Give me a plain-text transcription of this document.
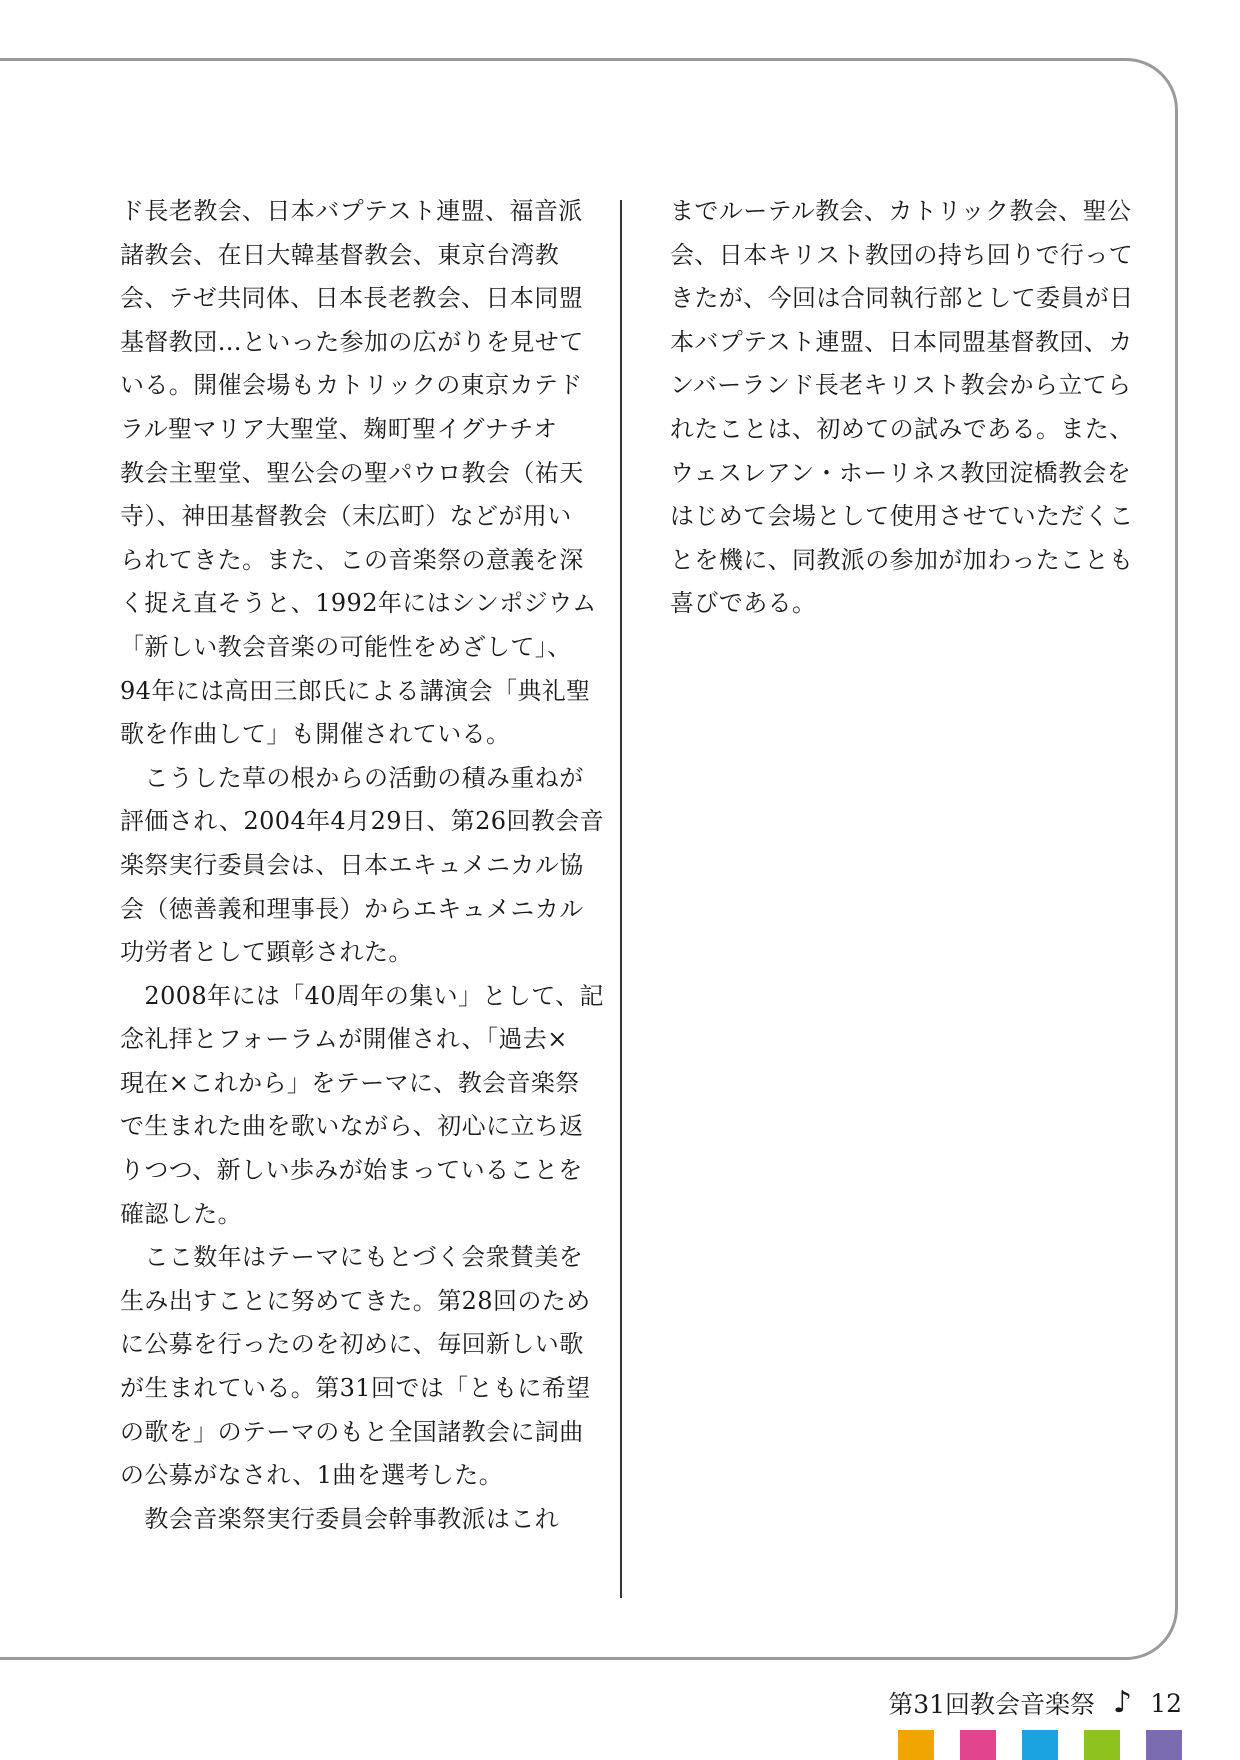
ド長老教会、日本バプテスト連盟、福音派
諸教会、在日大韓基督教会、東京台湾教
会、テゼ共同体、日本長老教会、日本同盟
基督教団…といった参加の広がりを見せて
いる。開催会場もカトリックの東京カテド
ラル聖マリア大聖堂、麹町聖イグナチオ
教会主聖堂、聖公会の聖パウロ教会（祐天
寺）、神田基督教会（末広町）などが用い
られてきた。また、この音楽祭の意義を深
く捉え直そうと、1992年にはシンポジウム
「新しい教会音楽の可能性をめざして」、
94年には高田三郎氏による講演会「典礼聖
歌を作曲して」も開催されている。
　こうした草の根からの活動の積み重ねが
評価され、2004年4月29日、第26回教会音
楽祭実行委員会は、日本エキュメニカル協
会（徳善義和理事長）からエキュメニカル
功労者として顕彰された。
　2008年には「40周年の集い」として、記
念礼拝とフォーラムが開催され、「過去×
現在×これから」をテーマに、教会音楽祭
で生まれた曲を歌いながら、初心に立ち返
りつつ、新しい歩みが始まっていることを
確認した。
　ここ数年はテーマにもとづく会衆賛美を
生み出すことに努めてきた。第28回のため
に公募を行ったのを初めに、毎回新しい歌
が生まれている。第31回では「ともに希望
の歌を」のテーマのもと全国諸教会に詞曲
の公募がなされ、1曲を選考した。
　教会音楽祭実行委員会幹事教派はこれ
までルーテル教会、カトリック教会、聖公
会、日本キリスト教団の持ち回りで行って
きたが、今回は合同執行部として委員が日
本バプテスト連盟、日本同盟基督教団、カ
ンバーランド長老キリスト教会から立てら
れたことは、初めての試みである。また、
ウェスレアン・ホーリネス教団淀橋教会を
はじめて会場として使用させていただくこ
とを機に、同教派の参加が加わったことも
喜びである。
第31回教会音楽祭 ♪ 12
